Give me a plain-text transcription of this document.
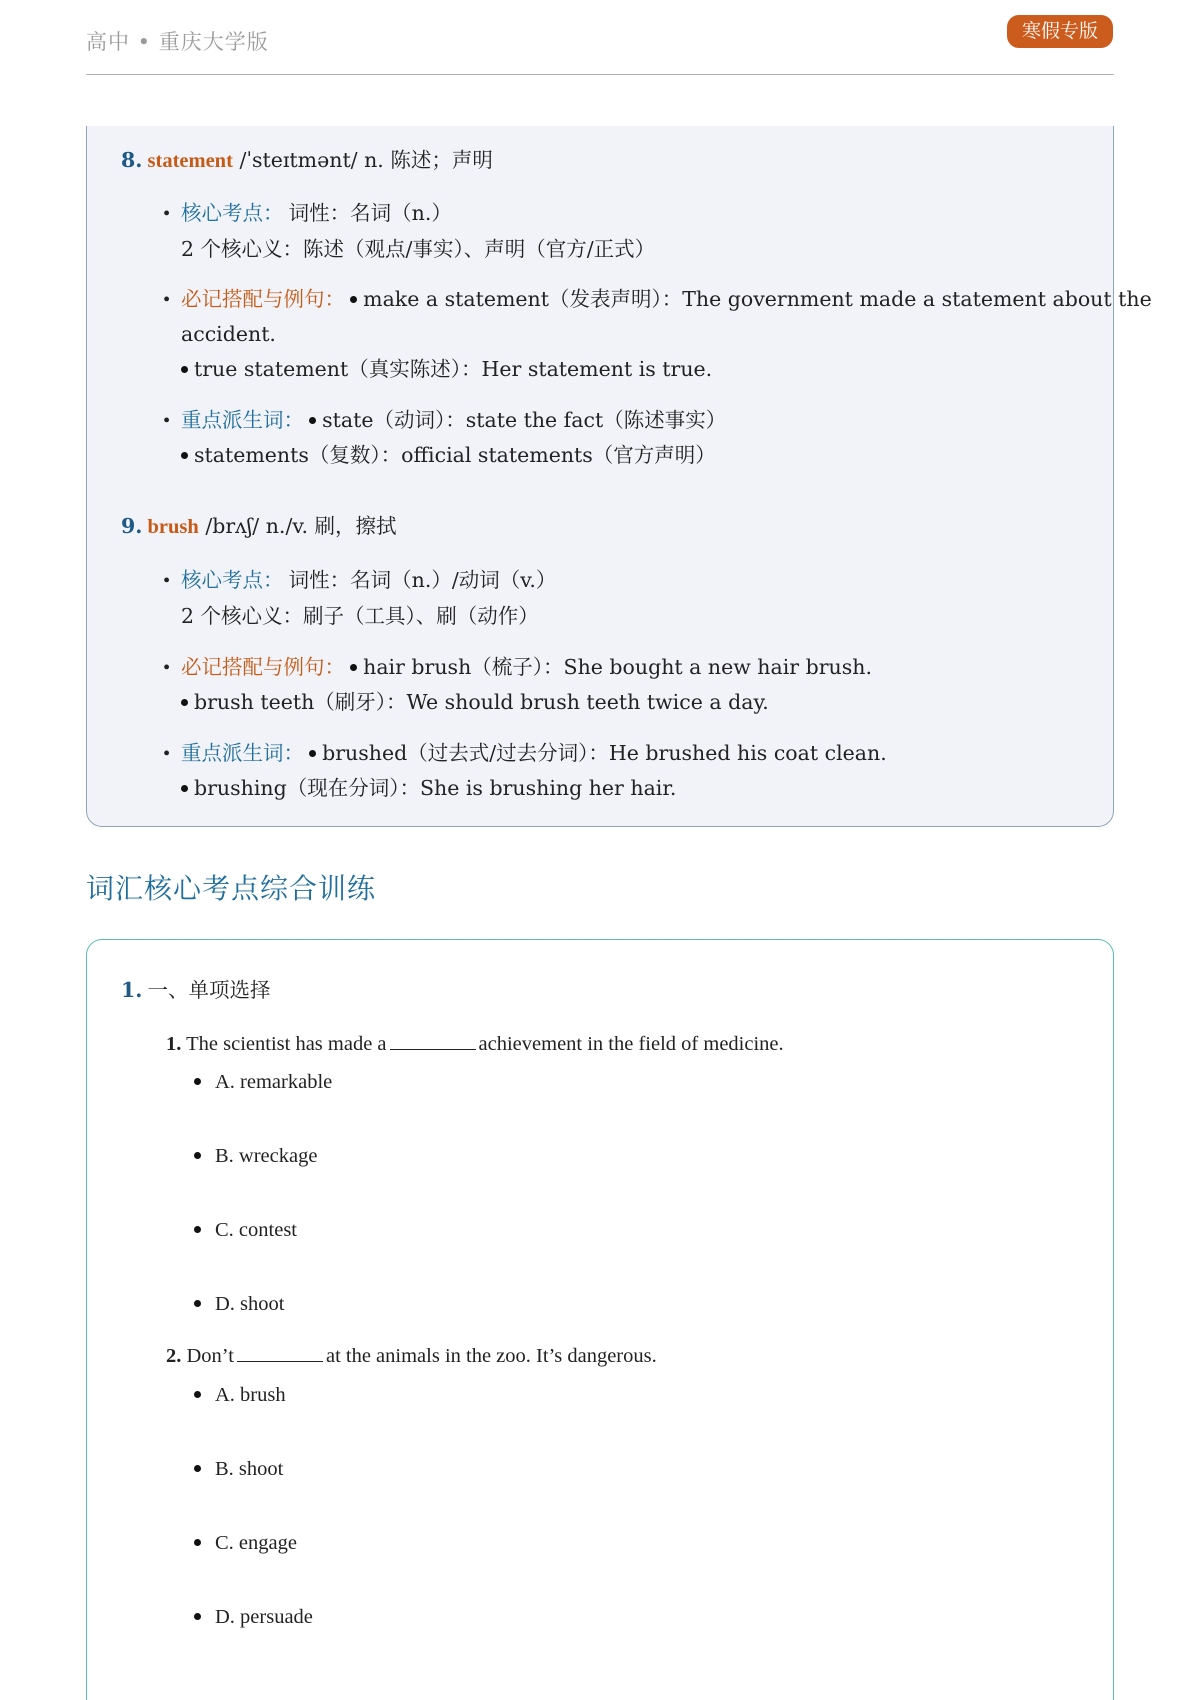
高中 • 重庆大学版	寒假专版
8. statement /ˈsteɪtmənt/ n. 陈述；声明
• 核心考点： 词性：名词（n.）
2 个核心义：陈述（观点/事实）、声明（官方/正式）
• 必记搭配与例句： make a statement（发表声明）：The government made a statement about the
accident.
true statement（真实陈述）：Her statement is true.
• 重点派生词： state（动词）：state the fact（陈述事实）
statements（复数）：official statements（官方声明）
9. brush /brʌʃ/ n./v. 刷，擦拭
• 核心考点： 词性：名词（n.）/动词（v.）
2 个核心义：刷子（工具）、刷（动作）
• 必记搭配与例句： hair brush（梳子）：She bought a new hair brush.
brush teeth（刷牙）：We should brush teeth twice a day.
• 重点派生词： brushed（过去式/过去分词）：He brushed his coat clean.
brushing（现在分词）：She is brushing her hair.
词汇核心考点综合训练
1. 一、单项选择
1. The scientist has made a	achievement in the field of medicine.
A. remarkable
B. wreckage
C. contest
D. shoot
2. Don’t	at the animals in the zoo. It’s dangerous.
A. brush
B. shoot
C. engage
D. persuade
